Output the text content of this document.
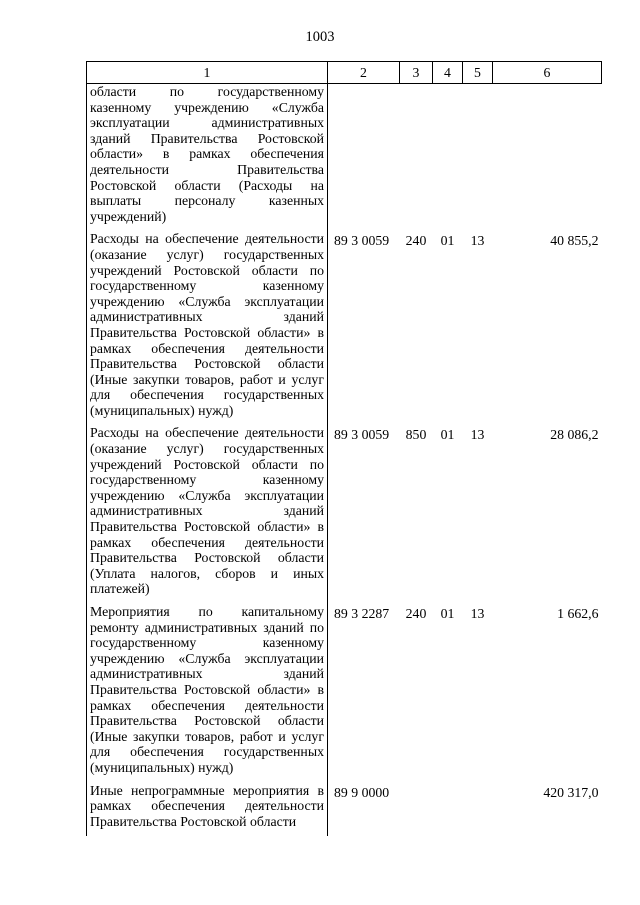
1003
1	2	3	4	5	6
области по государственному казенному учреждению «Служба эксплуатации административных зданий Правительства Ростовской области» в рамках обеспечения деятельности Правительства Ростовской области (Расходы на выплаты персоналу казенных учреждений)					
Расходы на обеспечение деятельности (оказание услуг) государственных учреждений Ростовской области по государственному казенному учреждению «Служба эксплуатации административных зданий Правительства Ростовской области» в рамках обеспечения деятельности Правительства Ростовской области (Иные закупки товаров, работ и услуг для обеспечения государственных (муниципальных) нужд)	89 3 0059	240	01	13	40 855,2
Расходы на обеспечение деятельности (оказание услуг) государственных учреждений Ростовской области по государственному казенному учреждению «Служба эксплуатации административных зданий Правительства Ростовской области» в рамках обеспечения деятельности Правительства Ростовской области (Уплата налогов, сборов и иных платежей)	89 3 0059	850	01	13	28 086,2
Мероприятия по капитальному ремонту административных зданий по государственному казенному учреждению «Служба эксплуатации административных зданий Правительства Ростовской области» в рамках обеспечения деятельности Правительства Ростовской области (Иные закупки товаров, работ и услуг для обеспечения государственных (муниципальных) нужд)	89 3 2287	240	01	13	1 662,6
Иные непрограммные мероприятия в рамках обеспечения деятельности Правительства Ростовской области	89 9 0000				420 317,0
